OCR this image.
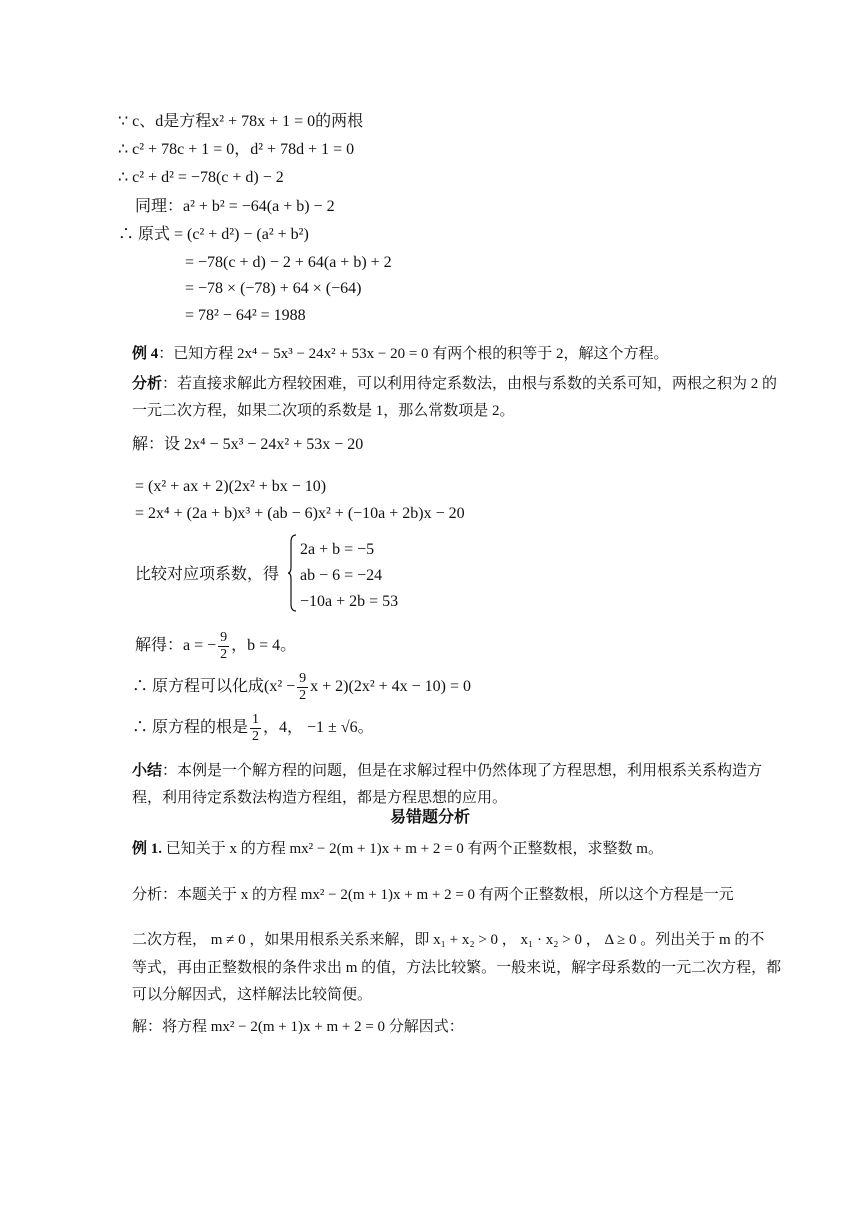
∵ c、d是方程x² + 78x + 1 = 0的两根
∴ c² + 78c + 1 = 0，d² + 78d + 1 = 0
∴ c² + d² = −78(c + d) − 2
同理：a² + b² = −64(a + b) − 2
∴ 原式 = (c² + d²) − (a² + b²)
= −78(c + d) − 2 + 64(a + b) + 2
= −78 × (−78) + 64 × (−64)
= 78² − 64² = 1988
例 4：已知方程 2x⁴ − 5x³ − 24x² + 53x − 20 = 0 有两个根的积等于 2，解这个方程。
分析：若直接求解此方程较困难，可以利用待定系数法，由根与系数的关系可知，两根之积为 2 的一元二次方程，如果二次项的系数是 1，那么常数项是 2。
解：设 2x⁴ − 5x³ − 24x² + 53x − 20
= (x² + ax + 2)(2x² + bx − 10)
= 2x⁴ + (2a + b)x³ + (ab − 6)x² + (−10a + 2b)x − 20
比较对应项系数，得
2a + b = −5
ab − 6 = −24
−10a + 2b = 53
解得：a = − $\frac{9}{2}$ ，b = 4。
∴ 原方程可以化成($x^2 - \frac{9}{2}$ x + 2)(2x² + 4x − 10) = 0
∴ 原方程的根是 $\frac{1}{2}$ ，4， −1 ± √6。
小结：本例是一个解方程的问题，但是在求解过程中仍然体现了方程思想，利用根系关系构造方程，利用待定系数法构造方程组，都是方程思想的应用。
易错题分析
例 1. 已知关于 x 的方程 mx² − 2(m + 1)x + m + 2 = 0 有两个正整数根，求整数 m。
分析：本题关于 x 的方程 mx² − 2(m + 1)x + m + 2 = 0 有两个正整数根，所以这个方程是一元
二次方程， m ≠ 0 ，如果用根系关系来解，即 x₁ + x₂ > 0 ， x₁ · x₂ > 0 ， Δ ≥ 0 。列出关于 m 的不
等式，再由正整数根的条件求出 m 的值，方法比较繁。一般来说，解字母系数的一元二次方程，都可以分解因式，这样解法比较简便。
解：将方程 mx² − 2(m + 1)x + m + 2 = 0 分解因式：
